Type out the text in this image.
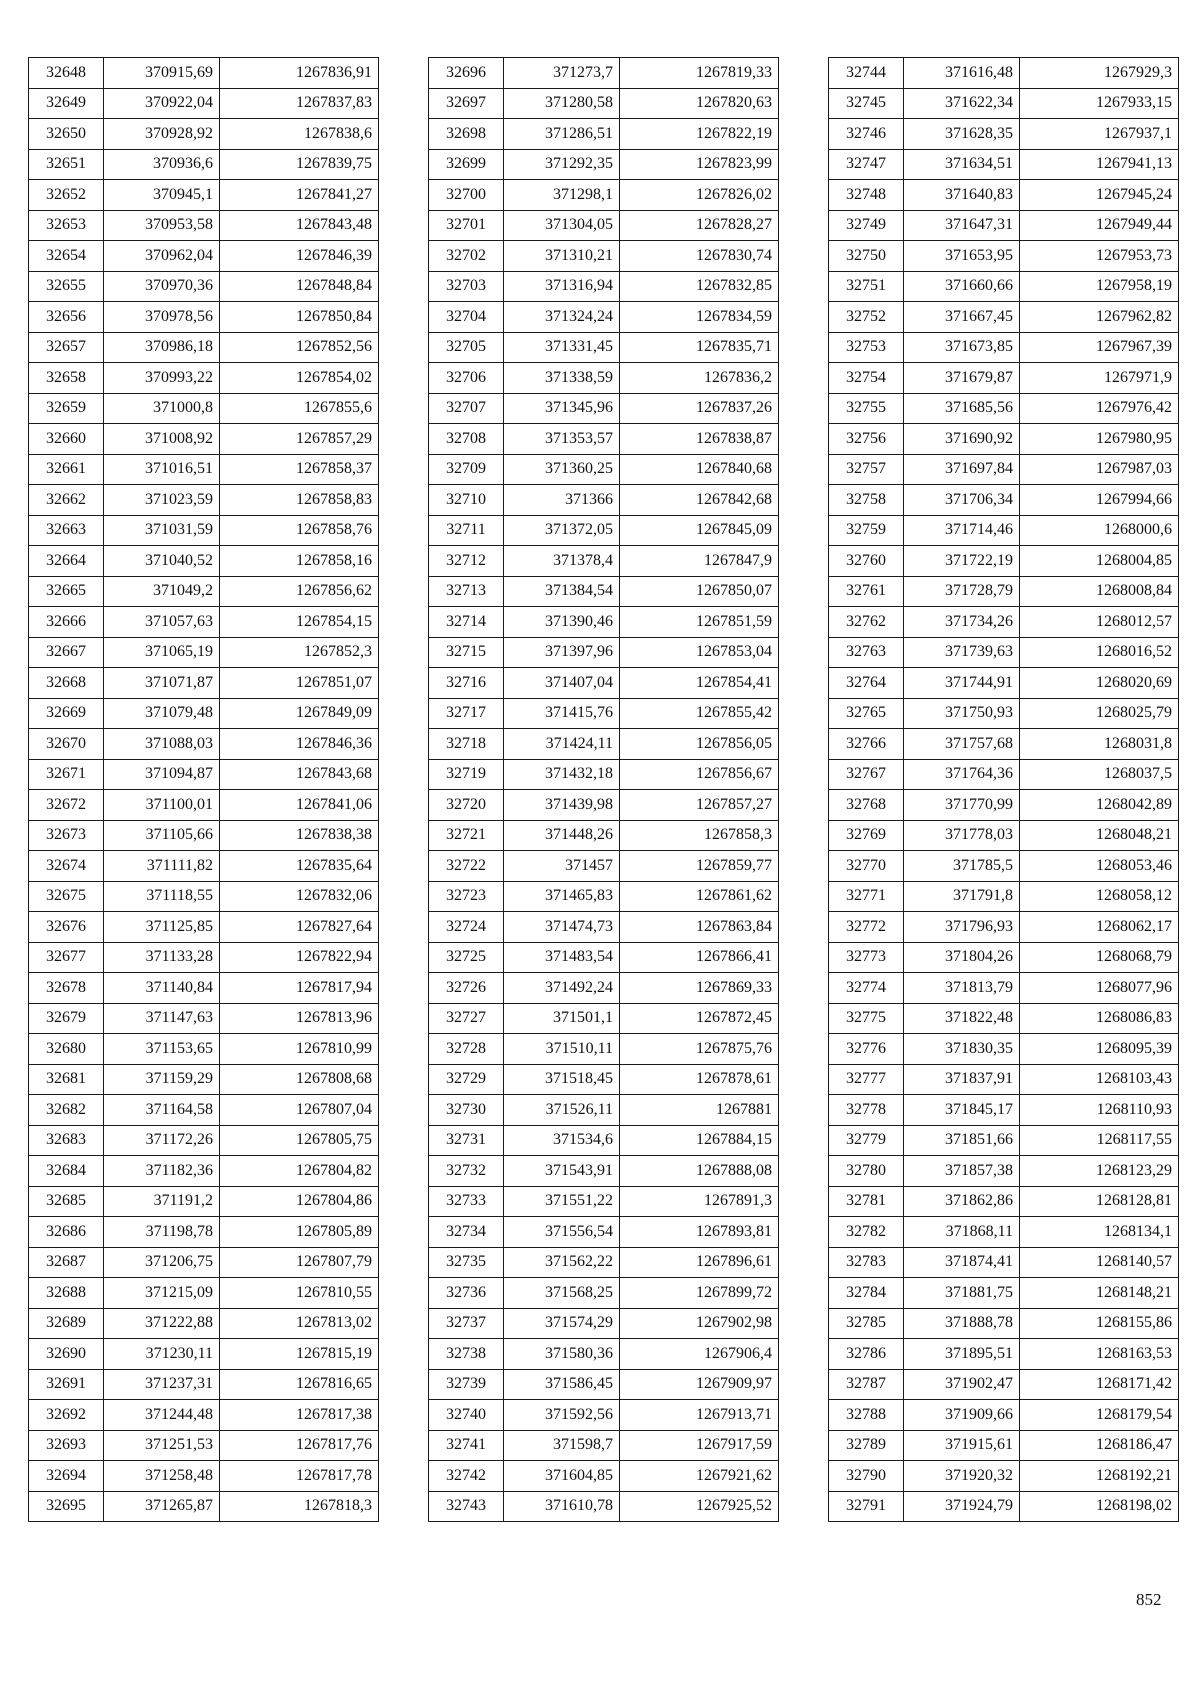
32648	370915,69	1267836,91
32649	370922,04	1267837,83
32650	370928,92	1267838,6
32651	370936,6	1267839,75
32652	370945,1	1267841,27
32653	370953,58	1267843,48
32654	370962,04	1267846,39
32655	370970,36	1267848,84
32656	370978,56	1267850,84
32657	370986,18	1267852,56
32658	370993,22	1267854,02
32659	371000,8	1267855,6
32660	371008,92	1267857,29
32661	371016,51	1267858,37
32662	371023,59	1267858,83
32663	371031,59	1267858,76
32664	371040,52	1267858,16
32665	371049,2	1267856,62
32666	371057,63	1267854,15
32667	371065,19	1267852,3
32668	371071,87	1267851,07
32669	371079,48	1267849,09
32670	371088,03	1267846,36
32671	371094,87	1267843,68
32672	371100,01	1267841,06
32673	371105,66	1267838,38
32674	371111,82	1267835,64
32675	371118,55	1267832,06
32676	371125,85	1267827,64
32677	371133,28	1267822,94
32678	371140,84	1267817,94
32679	371147,63	1267813,96
32680	371153,65	1267810,99
32681	371159,29	1267808,68
32682	371164,58	1267807,04
32683	371172,26	1267805,75
32684	371182,36	1267804,82
32685	371191,2	1267804,86
32686	371198,78	1267805,89
32687	371206,75	1267807,79
32688	371215,09	1267810,55
32689	371222,88	1267813,02
32690	371230,11	1267815,19
32691	371237,31	1267816,65
32692	371244,48	1267817,38
32693	371251,53	1267817,76
32694	371258,48	1267817,78
32695	371265,87	1267818,3
32696	371273,7	1267819,33
32697	371280,58	1267820,63
32698	371286,51	1267822,19
32699	371292,35	1267823,99
32700	371298,1	1267826,02
32701	371304,05	1267828,27
32702	371310,21	1267830,74
32703	371316,94	1267832,85
32704	371324,24	1267834,59
32705	371331,45	1267835,71
32706	371338,59	1267836,2
32707	371345,96	1267837,26
32708	371353,57	1267838,87
32709	371360,25	1267840,68
32710	371366	1267842,68
32711	371372,05	1267845,09
32712	371378,4	1267847,9
32713	371384,54	1267850,07
32714	371390,46	1267851,59
32715	371397,96	1267853,04
32716	371407,04	1267854,41
32717	371415,76	1267855,42
32718	371424,11	1267856,05
32719	371432,18	1267856,67
32720	371439,98	1267857,27
32721	371448,26	1267858,3
32722	371457	1267859,77
32723	371465,83	1267861,62
32724	371474,73	1267863,84
32725	371483,54	1267866,41
32726	371492,24	1267869,33
32727	371501,1	1267872,45
32728	371510,11	1267875,76
32729	371518,45	1267878,61
32730	371526,11	1267881
32731	371534,6	1267884,15
32732	371543,91	1267888,08
32733	371551,22	1267891,3
32734	371556,54	1267893,81
32735	371562,22	1267896,61
32736	371568,25	1267899,72
32737	371574,29	1267902,98
32738	371580,36	1267906,4
32739	371586,45	1267909,97
32740	371592,56	1267913,71
32741	371598,7	1267917,59
32742	371604,85	1267921,62
32743	371610,78	1267925,52
32744	371616,48	1267929,3
32745	371622,34	1267933,15
32746	371628,35	1267937,1
32747	371634,51	1267941,13
32748	371640,83	1267945,24
32749	371647,31	1267949,44
32750	371653,95	1267953,73
32751	371660,66	1267958,19
32752	371667,45	1267962,82
32753	371673,85	1267967,39
32754	371679,87	1267971,9
32755	371685,56	1267976,42
32756	371690,92	1267980,95
32757	371697,84	1267987,03
32758	371706,34	1267994,66
32759	371714,46	1268000,6
32760	371722,19	1268004,85
32761	371728,79	1268008,84
32762	371734,26	1268012,57
32763	371739,63	1268016,52
32764	371744,91	1268020,69
32765	371750,93	1268025,79
32766	371757,68	1268031,8
32767	371764,36	1268037,5
32768	371770,99	1268042,89
32769	371778,03	1268048,21
32770	371785,5	1268053,46
32771	371791,8	1268058,12
32772	371796,93	1268062,17
32773	371804,26	1268068,79
32774	371813,79	1268077,96
32775	371822,48	1268086,83
32776	371830,35	1268095,39
32777	371837,91	1268103,43
32778	371845,17	1268110,93
32779	371851,66	1268117,55
32780	371857,38	1268123,29
32781	371862,86	1268128,81
32782	371868,11	1268134,1
32783	371874,41	1268140,57
32784	371881,75	1268148,21
32785	371888,78	1268155,86
32786	371895,51	1268163,53
32787	371902,47	1268171,42
32788	371909,66	1268179,54
32789	371915,61	1268186,47
32790	371920,32	1268192,21
32791	371924,79	1268198,02
852
